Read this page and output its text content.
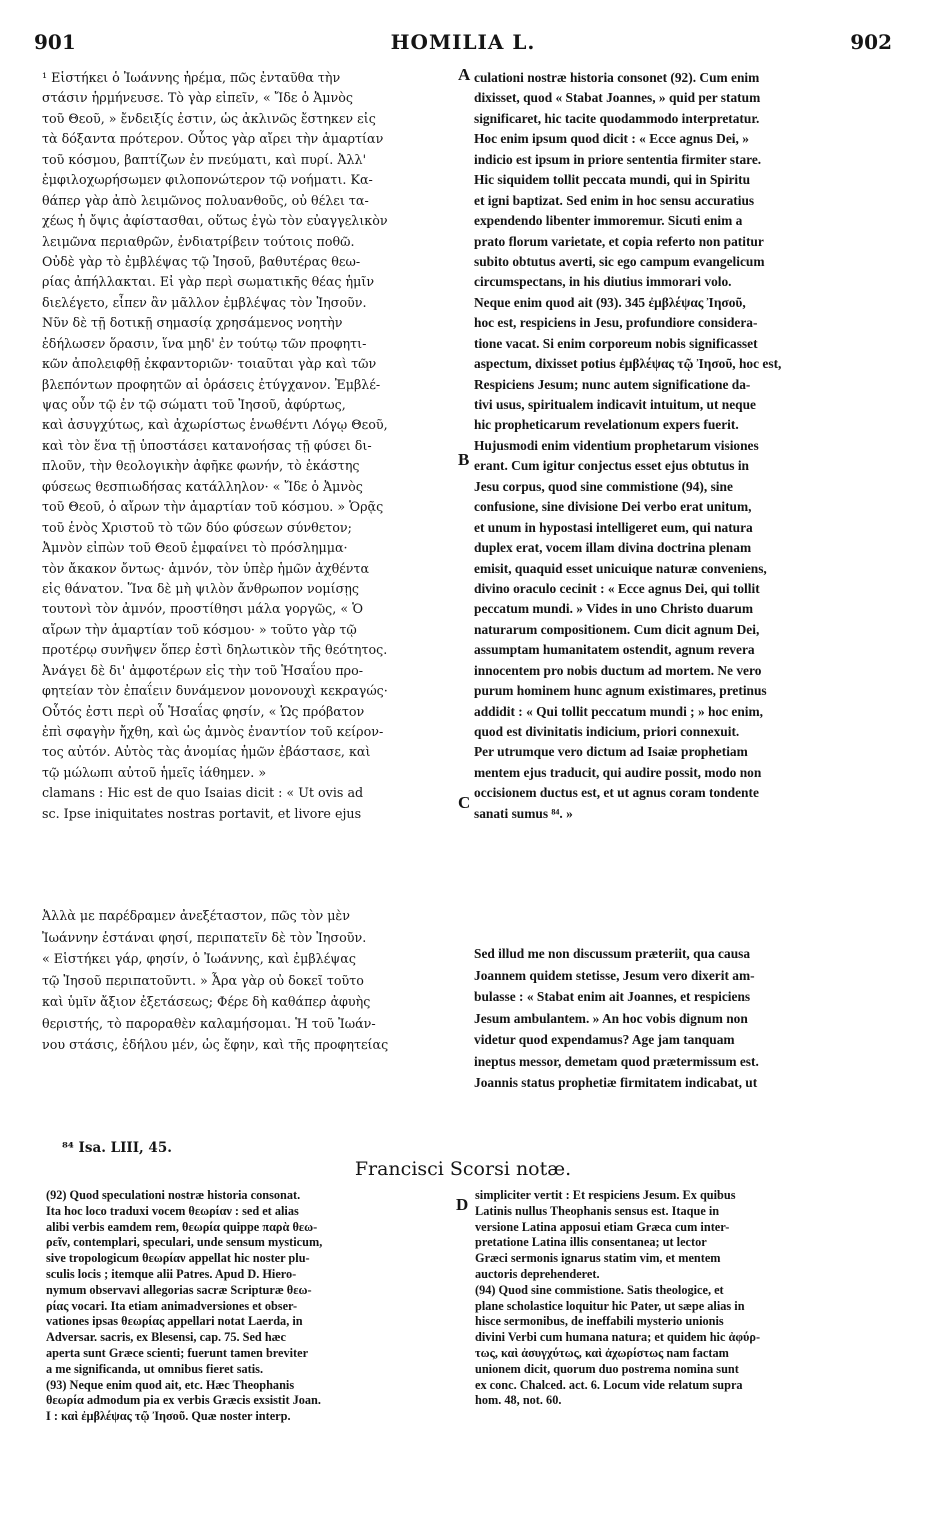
901	HOMILIA L.	902
¹ Εἱστήκει ὁ Ἰωάννης ἠρέμα, πῶς ἐνταῦθα τὴν
στάσιν ἡρμήνευσε. Τὸ γὰρ εἰπεῖν, « Ἴδε ὁ Ἀμνὸς
τοῦ Θεοῦ, » ἔνδειξίς ἐστιν, ὡς ἀκλινῶς ἔστηκεν εἰς
τὰ δόξαντα πρότερον. Οὗτος γὰρ αἴρει τὴν ἁμαρτίαν
τοῦ κόσμου, βαπτίζων ἐν πνεύματι, καὶ πυρί. Ἀλλ'
ἐμφιλοχωρήσωμεν φιλοπονώτερον τῷ νοήματι. Κα-
θάπερ γὰρ ἀπὸ λειμῶνος πολυανθοῦς, οὐ θέλει τα-
χέως ἡ ὄψις ἀφίστασθαι, οὕτως ἐγὼ τὸν εὐαγγελικὸν
λειμῶνα περιαθρῶν, ἐνδιατρίβειν τούτοις ποθῶ.
Οὐδὲ γὰρ τὸ ἐμβλέψας τῷ Ἰησοῦ, βαθυτέρας θεω-
ρίας ἀπήλλακται. Εἰ γὰρ περὶ σωματικῆς θέας ἡμῖν
διελέγετο, εἶπεν ἂν μᾶλλον ἐμβλέψας τὸν Ἰησοῦν.
Νῦν δὲ τῇ δοτικῇ σημασίᾳ χρησάμενος νοητὴν
ἐδήλωσεν ὅρασιν, ἵνα μηδ' ἐν τούτῳ τῶν προφητι-
κῶν ἀπολειφθῇ ἐκφαντοριῶν· τοιαῦται γὰρ καὶ τῶν
βλεπόντων προφητῶν αἱ ὁράσεις ἐτύγχανον. Ἐμβλέ-
ψας οὖν τῷ ἐν τῷ σώματι τοῦ Ἰησοῦ, ἀφύρτως,
καὶ ἀσυγχύτως, καὶ ἀχωρίστως ἑνωθέντι Λόγῳ Θεοῦ,
καὶ τὸν ἕνα τῇ ὑποστάσει κατανοήσας τῇ φύσει δι-
πλοῦν, τὴν θεολογικὴν ἀφῆκε φωνήν, τὸ ἑκάστης
φύσεως θεσπιωδήσας κατάλληλον· « Ἴδε ὁ Ἀμνὸς
τοῦ Θεοῦ, ὁ αἴρων τὴν ἁμαρτίαν τοῦ κόσμου. » Ὁρᾷς
τοῦ ἑνὸς Χριστοῦ τὸ τῶν δύο φύσεων σύνθετον;
Ἀμνὸν εἰπὼν τοῦ Θεοῦ ἐμφαίνει τὸ πρόσλημμα·
τὸν ἄκακον ὄντως· ἀμνόν, τὸν ὑπὲρ ἡμῶν ἀχθέντα
εἰς θάνατον. Ἵνα δὲ μὴ ψιλὸν ἄνθρωπον νομίσῃς
τουτονὶ τὸν ἀμνόν, προστίθησι μάλα γοργῶς, « Ὁ
αἴρων τὴν ἁμαρτίαν τοῦ κόσμου· » τοῦτο γὰρ τῷ
προτέρῳ συνῆψεν ὅπερ ἐστὶ δηλωτικὸν τῆς θεότητος.
Ἀνάγει δὲ δι' ἀμφοτέρων εἰς τὴν τοῦ Ἡσαΐου προ-
φητείαν τὸν ἐπαΐειν δυνάμενον μονονουχὶ κεκραγώς·
Οὗτός ἐστι περὶ οὗ Ἡσαΐας φησίν, « Ὡς πρόβατον
ἐπὶ σφαγὴν ἤχθη, καὶ ὡς ἀμνὸς ἐναντίον τοῦ κείρον-
τος αὐτόν. Αὐτὸς τὰς ἀνομίας ἡμῶν ἐβάστασε, καὶ
τῷ μώλωπι αὐτοῦ ἡμεῖς ἰάθημεν. »
clamans : Hic est de quo Isaias dicit : « Ut ovis ad
sc. Ipse iniquitates nostras portavit, et livore ejus
culationi nostræ historia consonet (92). Cum enim
dixisset, quod « Stabat Joannes, » quid per statum
significaret, hic tacite quodammodo interpretatur.
Hoc enim ipsum quod dicit : « Ecce agnus Dei, »
indicio est ipsum in priore sententia firmiter stare.
Hic siquidem tollit peccata mundi, qui in Spiritu
et igni baptizat. Sed enim in hoc sensu accuratius
expendendo libenter immoremur. Sicuti enim a
prato florum varietate, et copia referto non patitur
subito obtutus averti, sic ego campum evangelicum
circumspectans, in his diutius immorari volo.
Neque enim quod ait (93). 345 ἐμβλέψας Ἰησοῦ,
hoc est, respiciens in Jesu, profundiore considera-
tione vacat. Si enim corporeum nobis significasset
aspectum, dixisset potius ἐμβλέψας τῷ Ἰησοῦ, hoc est,
Respiciens Jesum; nunc autem significatione da-
tivi usus, spiritualem indicavit intuitum, ut neque
hic propheticarum revelationum expers fuerit.
Hujusmodi enim videntium prophetarum visiones
erant. Cum igitur conjectus esset ejus obtutus in
Jesu corpus, quod sine commistione (94), sine
confusione, sine divisione Dei verbo erat unitum,
et unum in hypostasi intelligeret eum, qui natura
duplex erat, vocem illam divina doctrina plenam
emisit, quaquid esset unicuique naturæ conveniens,
divino oraculo cecinit : « Ecce agnus Dei, qui tollit
peccatum mundi. » Vides in uno Christo duarum
naturarum compositionem. Cum dicit agnum Dei,
assumptam humanitatem ostendit, agnum revera
innocentem pro nobis ductum ad mortem. Ne vero
purum hominem hunc agnum existimares, pretinus
addidit : « Qui tollit peccatum mundi ; » hoc enim,
quod est divinitatis indicium, priori connexuit.
Per utrumque vero dictum ad Isaiæ prophetiam
mentem ejus traducit, qui audire possit, modo non
occisionem ductus est, et ut agnus coram tondente
sanati sumus ⁸⁴. »
Ἀλλὰ με παρέδραμεν ἀνεξέταστον, πῶς τὸν μὲν
Ἰωάννην ἑστάναι φησί, περιπατεῖν δὲ τὸν Ἰησοῦν.
« Εἱστήκει γάρ, φησίν, ὁ Ἰωάννης, καὶ ἐμβλέψας
τῷ Ἰησοῦ περιπατοῦντι. » Ἆρα γὰρ οὐ δοκεῖ τοῦτο
καὶ ὑμῖν ἄξιον ἐξετάσεως; Φέρε δὴ καθάπερ ἀφυὴς
θεριστής, τὸ παροραθὲν καλαμήσομαι. Ἡ τοῦ Ἰωάν-
νου στάσις, ἐδήλου μέν, ὡς ἔφην, καὶ τῆς προφητείας
Sed illud me non discussum præteriit, qua causa
Joannem quidem stetisse, Jesum vero dixerit am-
bulasse : « Stabat enim ait Joannes, et respiciens
Jesum ambulantem. » An hoc vobis dignum non
videtur quod expendamus? Age jam tanquam
ineptus messor, demetam quod prætermissum est.
Joannis status prophetiæ firmitatem indicabat, ut
A
B
C
D
⁸⁴ Isa. LIII, 45.
Francisci Scorsi notæ.
(92) Quod speculationi nostræ historia consonat.
Ita hoc loco traduxi vocem θεωρίαν : sed et alias
alibi verbis eamdem rem, θεωρία quippe παρὰ θεω-
ρεῖν, contemplari, speculari, unde sensum mysticum,
sive tropologicum θεωρίαν appellat hic noster plu-
sculis locis ; itemque alii Patres. Apud D. Hiero-
nymum observavi allegorias sacræ Scripturæ θεω-
ρίας vocari. Ita etiam animadversiones et obser-
vationes ipsas θεωρίας appellari notat Laerda, in
Adversar. sacris, ex Blesensi, cap. 75. Sed hæc
aperta sunt Græce scienti; fuerunt tamen breviter
a me significanda, ut omnibus fieret satis.
(93) Neque enim quod ait, etc. Hæc Theophanis
θεωρία admodum pia ex verbis Græcis exsistit Joan.
I : καὶ ἐμβλέψας τῷ Ἰησοῦ. Quæ noster interp.
simpliciter vertit : Et respiciens Jesum. Ex quibus
Latinis nullus Theophanis sensus est. Itaque in
versione Latina apposui etiam Græca cum inter-
pretatione Latina illis consentanea; ut lector
Græci sermonis ignarus statim vim, et mentem
auctoris deprehenderet.
(94) Quod sine commistione. Satis theologice, et
plane scholastice loquitur hic Pater, ut sæpe alias in
hisce sermonibus, de ineffabili mysterio unionis
divini Verbi cum humana natura; et quidem hic ἀφύρ-
τως, καὶ ἀσυγχύτως, καὶ ἀχωρίστως nam factam
unionem dicit, quorum duo postrema nomina sunt
ex conc. Chalced. act. 6. Locum vide relatum supra
hom. 48, not. 60.
